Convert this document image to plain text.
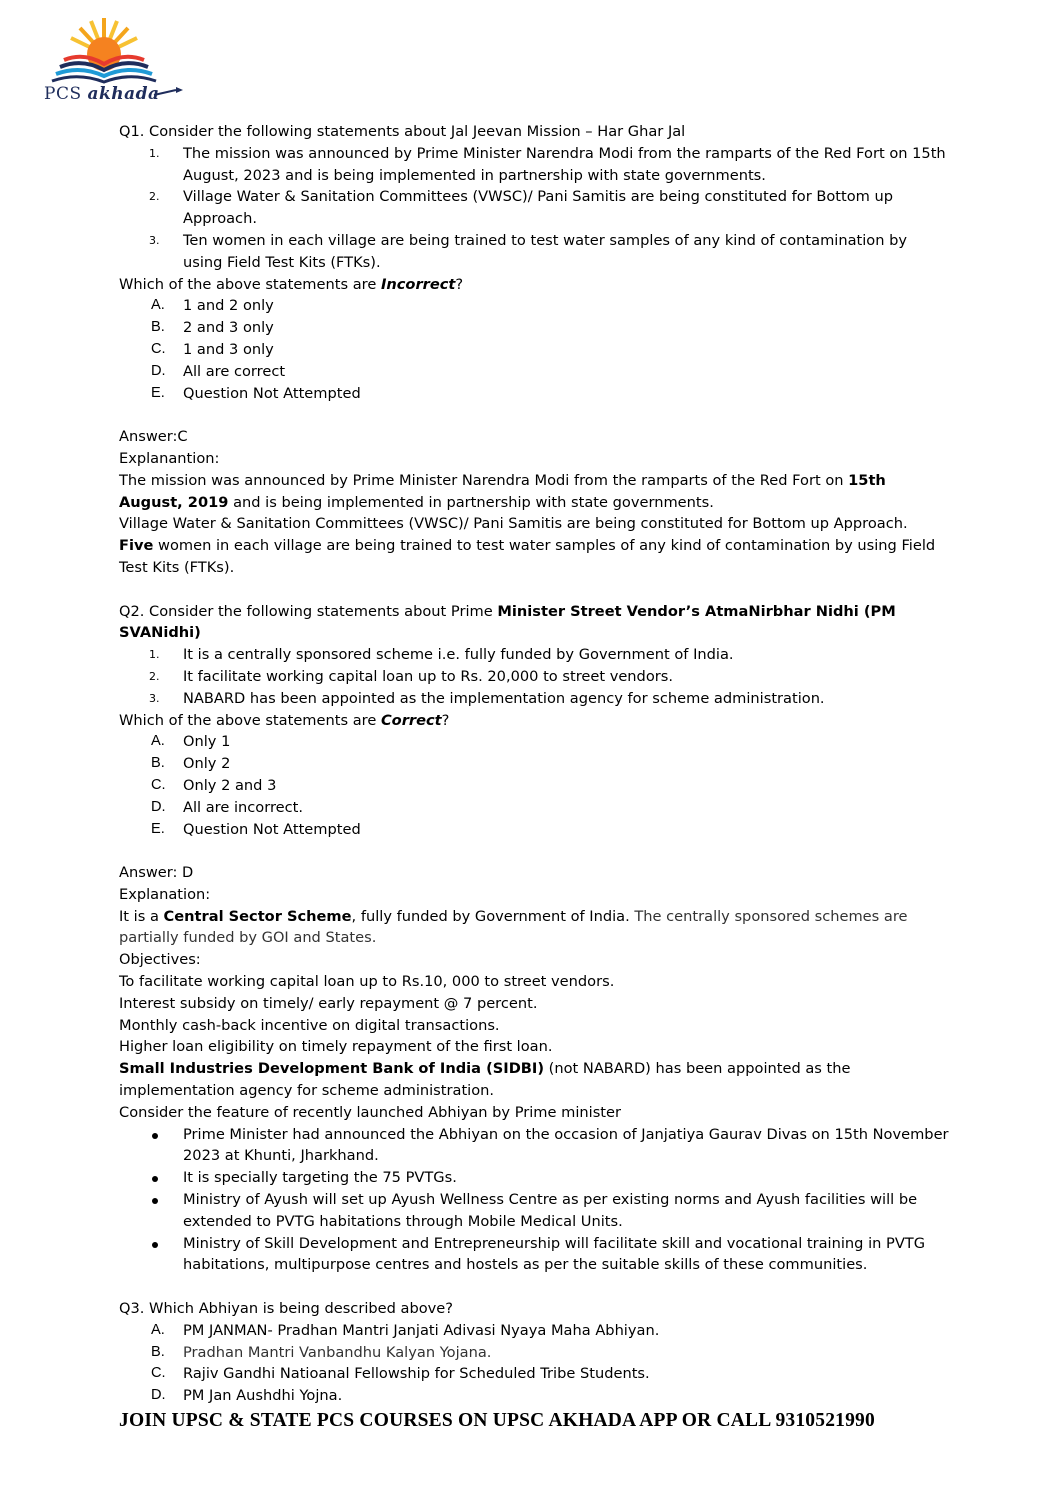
PCS akhada

Q1. Consider the following statements about Jal Jeevan Mission – Har Ghar Jal

1. The mission was announced by Prime Minister Narendra Modi from the ramparts of the Red Fort on 15th August, 2023 and is being implemented in partnership with state governments.
2. Village Water & Sanitation Committees (VWSC)/ Pani Samitis are being constituted for Bottom up Approach.
3. Ten women in each village are being trained to test water samples of any kind of contamination by using Field Test Kits (FTKs).

Which of the above statements are Incorrect?

A. 1 and 2 only
B. 2 and 3 only
C. 1 and 3 only
D. All are correct
E. Question Not Attempted

Answer:C

Explanantion:

The mission was announced by Prime Minister Narendra Modi from the ramparts of the Red Fort on 15th August, 2019 and is being implemented in partnership with state governments.

Village Water & Sanitation Committees (VWSC)/ Pani Samitis are being constituted for Bottom up Approach.

Five women in each village are being trained to test water samples of any kind of contamination by using Field Test Kits (FTKs).

Q2. Consider the following statements about Prime Minister Street Vendor’s AtmaNirbhar Nidhi (PM SVANidhi)

1. It is a centrally sponsored scheme i.e. fully funded by Government of India.
2. It facilitate working capital loan up to Rs. 20,000 to street vendors.
3. NABARD has been appointed as the implementation agency for scheme administration.

Which of the above statements are Correct?

A. Only 1
B. Only 2
C. Only 2 and 3
D. All are incorrect.
E. Question Not Attempted

Answer: D

Explanation:

It is a Central Sector Scheme, fully funded by Government of India. The centrally sponsored schemes are partially funded by GOI and States.

Objectives:

To facilitate working capital loan up to Rs.10, 000 to street vendors.

Interest subsidy on timely/ early repayment @ 7 percent.

Monthly cash-back incentive on digital transactions.

Higher loan eligibility on timely repayment of the first loan.

Small Industries Development Bank of India (SIDBI) (not NABARD) has been appointed as the implementation agency for scheme administration.

Consider the feature of recently launched Abhiyan by Prime minister

Prime Minister had announced the Abhiyan on the occasion of Janjatiya Gaurav Divas on 15th November 2023 at Khunti, Jharkhand.
It is specially targeting the 75 PVTGs.
Ministry of Ayush will set up Ayush Wellness Centre as per existing norms and Ayush facilities will be extended to PVTG habitations through Mobile Medical Units.
Ministry of Skill Development and Entrepreneurship will facilitate skill and vocational training in PVTG habitations, multipurpose centres and hostels as per the suitable skills of these communities.

Q3. Which Abhiyan is being described above?

A. PM JANMAN- Pradhan Mantri Janjati Adivasi Nyaya Maha Abhiyan.
B. Pradhan Mantri Vanbandhu Kalyan Yojana.
C. Rajiv Gandhi Natioanal Fellowship for Scheduled Tribe Students.
D. PM Jan Aushdhi Yojna.
JOIN UPSC & STATE PCS COURSES ON UPSC AKHADA APP OR CALL 9310521990
